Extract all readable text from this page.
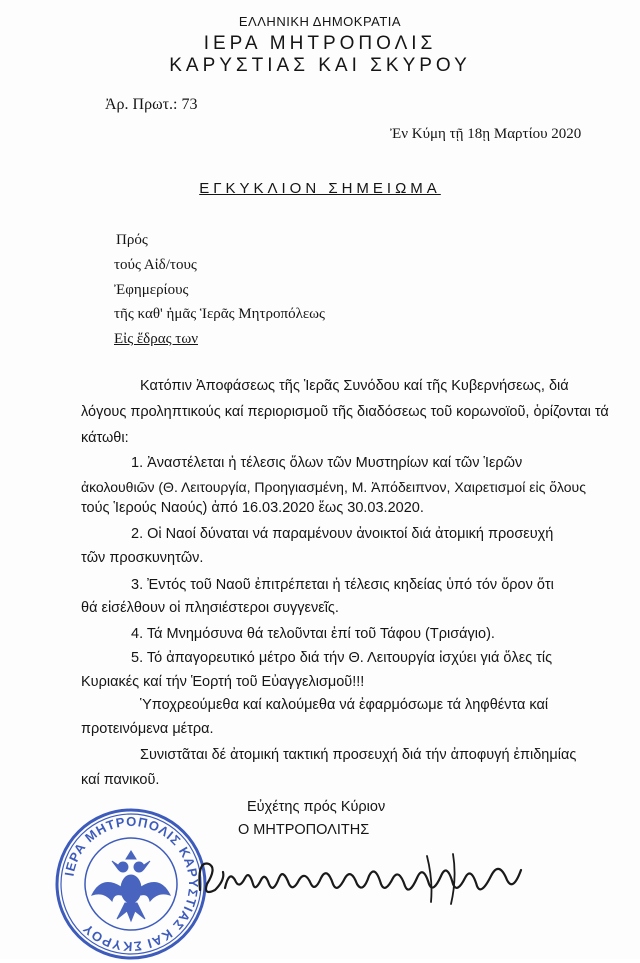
ΕΛΛΗΝΙΚΗ ΔΗΜΟΚΡΑΤΙΑ
ΙΕΡΑ ΜΗΤΡΟΠΟΛΙΣ
ΚΑΡΥΣΤΙΑΣ ΚΑΙ ΣΚΥΡΟΥ
Ἀρ. Πρωτ.: 73
Ἐν Κύμη τῇ 18ῃ Μαρτίου 2020
ΕΓΚΥΚΛΙΟΝ ΣΗΜΕΙΩΜΑ
Πρός
τούς Αἰδ/τους
Ἐφημερίους
τῆς καθ' ἡμᾶς Ἱερᾶς Μητροπόλεως
Εἰς ἕδρας των
Κατόπιν Ἀποφάσεως τῆς Ἱερᾶς Συνόδου καί τῆς Κυβερνήσεως, διά
λόγους προληπτικούς καί περιορισμοῦ τῆς διαδόσεως τοῦ κορωνοϊοῦ, ὁρίζονται τά
κάτωθι:
1. Ἀναστέλεται ἡ τέλεσις ὅλων τῶν Μυστηρίων καί τῶν Ἱερῶν
ἀκολουθιῶν (Θ. Λειτουργία, Προηγιασμένη, Μ. Ἀπόδειπνον, Χαιρετισμοί εἰς ὅλους
τούς Ἱερούς Ναούς) ἀπό 16.03.2020 ἕως 30.03.2020.
2. Οἱ Ναοί δύναται νά παραμένουν ἀνοικτοί διά ἀτομική προσευχή
τῶν προσκυνητῶν.
3. Ἐντός τοῦ Ναοῦ ἐπιτρέπεται ἡ τέλεσις κηδείας ὑπό τόν ὅρον ὅτι
θά εἰσέλθουν οἱ πλησιέστεροι συγγενεῖς.
4. Τά Μνημόσυνα θά τελοῦνται ἐπί τοῦ Τάφου (Τρισάγιο).
5. Τό ἀπαγορευτικό μέτρο διά τήν Θ. Λειτουργία ἰσχύει γιά ὅλες τίς
Κυριακές καί τήν Ἑορτή τοῦ Εὐαγγελισμοῦ!!!
Ὑποχρεούμεθα καί καλούμεθα νά ἐφαρμόσωμε τά ληφθέντα καί
προτεινόμενα μέτρα.
Συνιστᾶται δέ ἀτομική τακτική προσευχή διά τήν ἀποφυγή ἐπιδημίας
καί πανικοῦ.
Εὐχέτης πρός Κύριον
Ο ΜΗΤΡΟΠΟΛΙΤΗΣ
ΙΕΡΑ ΜΗΤΡΟΠΟΛΙΣ ΚΑΡΥΣΤΙΑΣ ΚΑΙ ΣΚΥΡΟΥ
